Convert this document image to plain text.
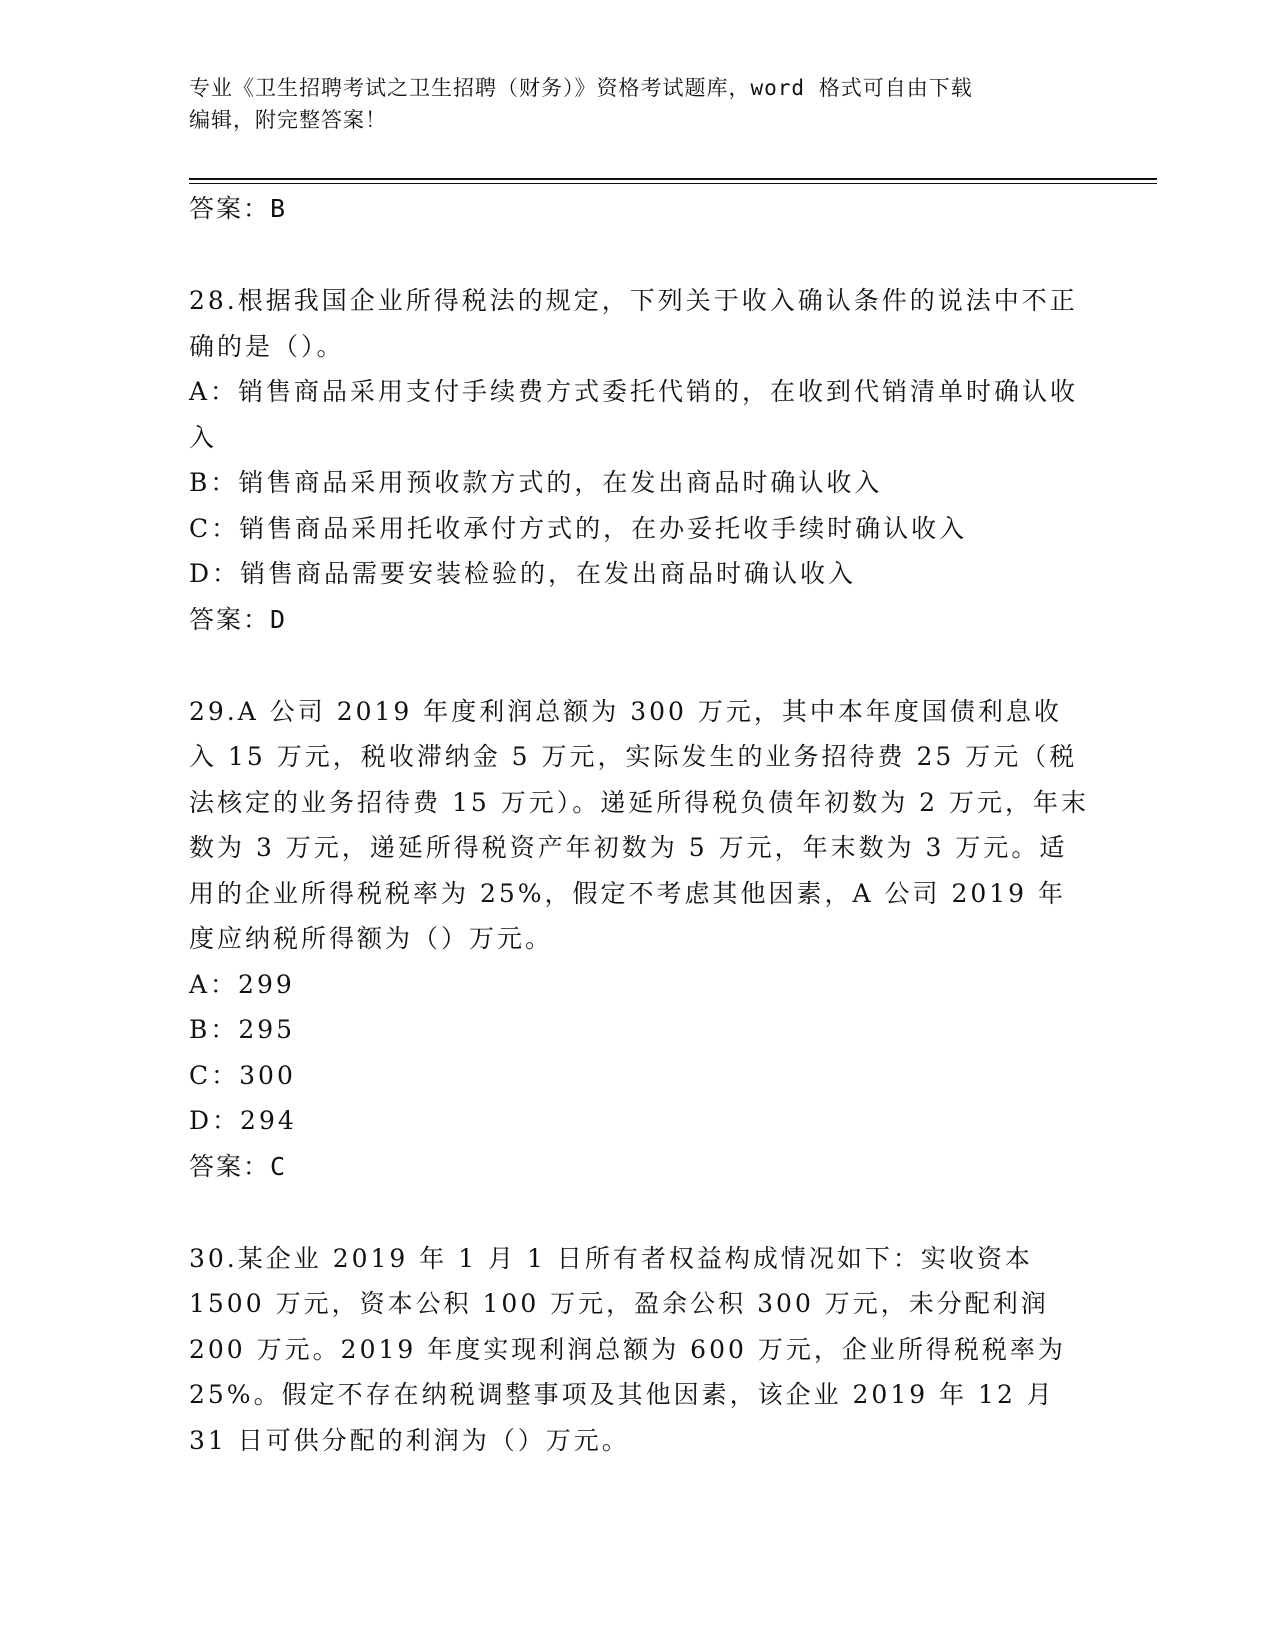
专业《卫生招聘考试之卫生招聘（财务）》资格考试题库，word 格式可自由下载

编辑，附完整答案！

答案：B

28.根据我国企业所得税法的规定，下列关于收入确认条件的说法中不正确的是（）。

A：销售商品采用支付手续费方式委托代销的，在收到代销清单时确认收入

B：销售商品采用预收款方式的，在发出商品时确认收入

C：销售商品采用托收承付方式的，在办妥托收手续时确认收入

D：销售商品需要安装检验的，在发出商品时确认收入

答案：D

29.A 公司 2019 年度利润总额为 300 万元，其中本年度国债利息收入 15 万元，税收滞纳金 5 万元，实际发生的业务招待费 25 万元（税法核定的业务招待费 15 万元）。递延所得税负债年初数为 2 万元，年末数为 3 万元，递延所得税资产年初数为 5 万元，年末数为 3 万元。适用的企业所得税税率为 25%，假定不考虑其他因素，A 公司 2019 年度应纳税所得额为（）万元。

A：299

B：295

C：300

D：294

答案：C

30.某企业 2019 年 1 月 1 日所有者权益构成情况如下：实收资本 1500 万元，资本公积 100 万元，盈余公积 300 万元，未分配利润 200 万元。2019 年度实现利润总额为 600 万元，企业所得税税率为 25%。假定不存在纳税调整事项及其他因素，该企业 2019 年 12 月 31 日可供分配的利润为（）万元。
